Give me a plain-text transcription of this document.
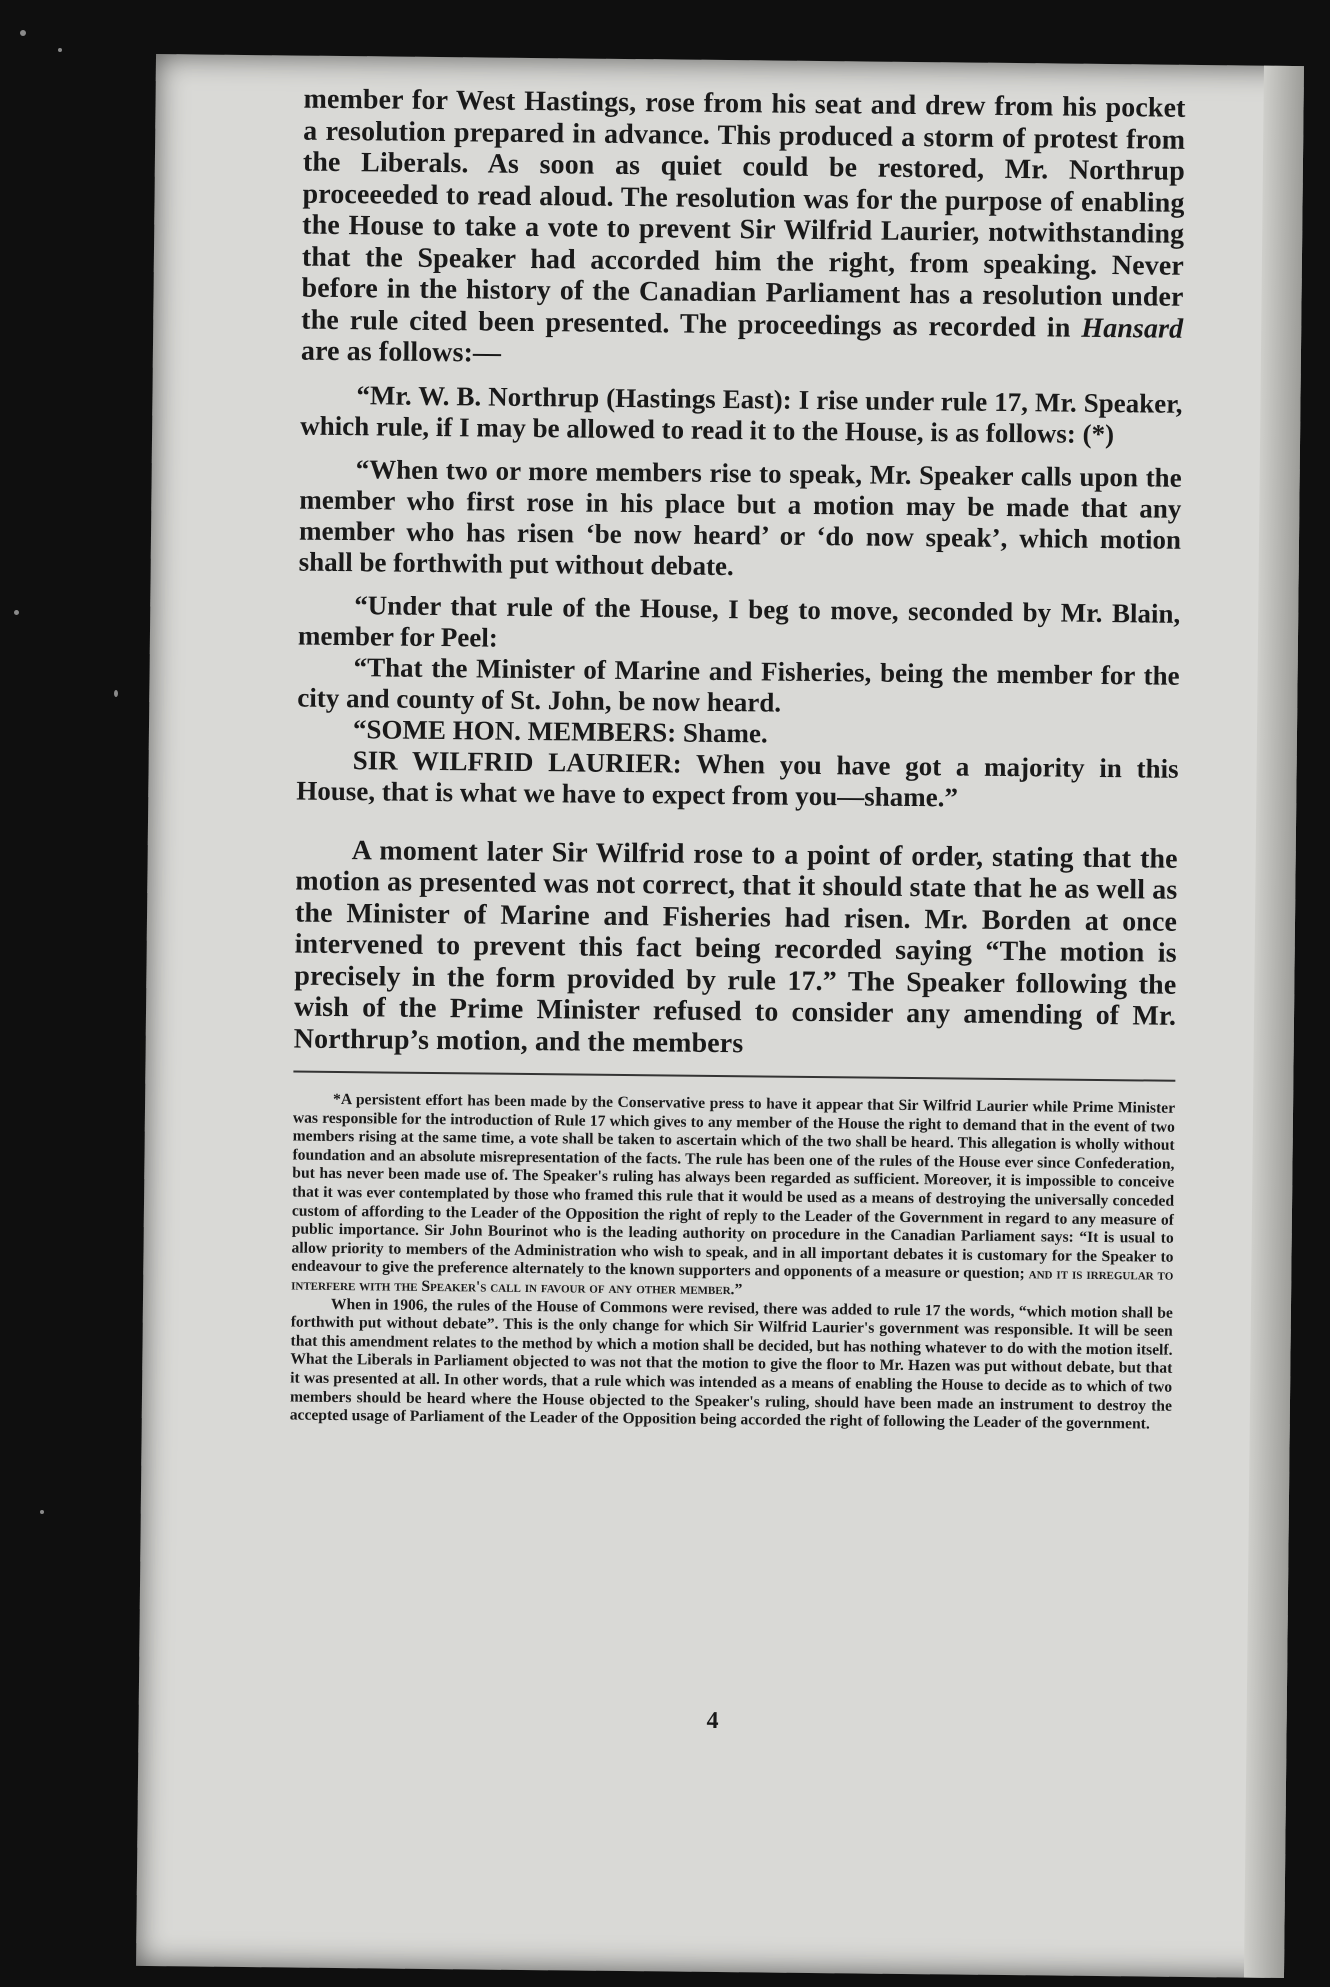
member for West Hastings, rose from his seat and drew from his pocket a resolution prepared in advance. This produced a storm of protest from the Liberals. As soon as quiet could be restored, Mr. Northrup proceeeded to read aloud. The resolution was for the purpose of enabling the House to take a vote to prevent Sir Wilfrid Laurier, notwithstanding that the Speaker had accorded him the right, from speaking. Never before in the history of the Canadian Parliament has a resolution under the rule cited been presented. The proceedings as recorded in Hansard are as follows:—

“Mr. W. B. Northrup (Hastings East): I rise under rule 17, Mr. Speaker, which rule, if I may be allowed to read it to the House, is as follows: (*)

“When two or more members rise to speak, Mr. Speaker calls upon the member who first rose in his place but a motion may be made that any member who has risen ‘be now heard’ or ‘do now speak’, which motion shall be forthwith put without debate.

“Under that rule of the House, I beg to move, seconded by Mr. Blain, member for Peel:

“That the Minister of Marine and Fisheries, being the member for the city and county of St. John, be now heard.

“SOME HON. MEMBERS: Shame.

SIR WILFRID LAURIER: When you have got a majority in this House, that is what we have to expect from you—shame.”

A moment later Sir Wilfrid rose to a point of order, stating that the motion as presented was not correct, that it should state that he as well as the Minister of Marine and Fisheries had risen. Mr. Borden at once intervened to prevent this fact being recorded saying “The motion is precisely in the form provided by rule 17.” The Speaker following the wish of the Prime Minister refused to consider any amending of Mr. Northrup’s motion, and the members

*A persistent effort has been made by the Conservative press to have it appear that Sir Wilfrid Laurier while Prime Minister was responsible for the introduction of Rule 17 which gives to any member of the House the right to demand that in the event of two members rising at the same time, a vote shall be taken to ascertain which of the two shall be heard. This allegation is wholly without foundation and an absolute misrepresentation of the facts. The rule has been one of the rules of the House ever since Confederation, but has never been made use of. The Speaker's ruling has always been regarded as sufficient. Moreover, it is impossible to conceive that it was ever contemplated by those who framed this rule that it would be used as a means of destroying the universally conceded custom of affording to the Leader of the Opposition the right of reply to the Leader of the Government in regard to any measure of public importance. Sir John Bourinot who is the leading authority on procedure in the Canadian Parliament says: “It is usual to allow priority to members of the Administration who wish to speak, and in all important debates it is customary for the Speaker to endeavour to give the preference alternately to the known supporters and opponents of a measure or question; and it is irregular to interfere with the Speaker's call in favour of any other member.”

When in 1906, the rules of the House of Commons were revised, there was added to rule 17 the words, “which motion shall be forthwith put without debate”. This is the only change for which Sir Wilfrid Laurier's government was responsible. It will be seen that this amendment relates to the method by which a motion shall be decided, but has nothing whatever to do with the motion itself. What the Liberals in Parliament objected to was not that the motion to give the floor to Mr. Hazen was put without debate, but that it was presented at all. In other words, that a rule which was intended as a means of enabling the House to decide as to which of two members should be heard where the House objected to the Speaker's ruling, should have been made an instrument to destroy the accepted usage of Parliament of the Leader of the Opposition being accorded the right of following the Leader of the government.

4
